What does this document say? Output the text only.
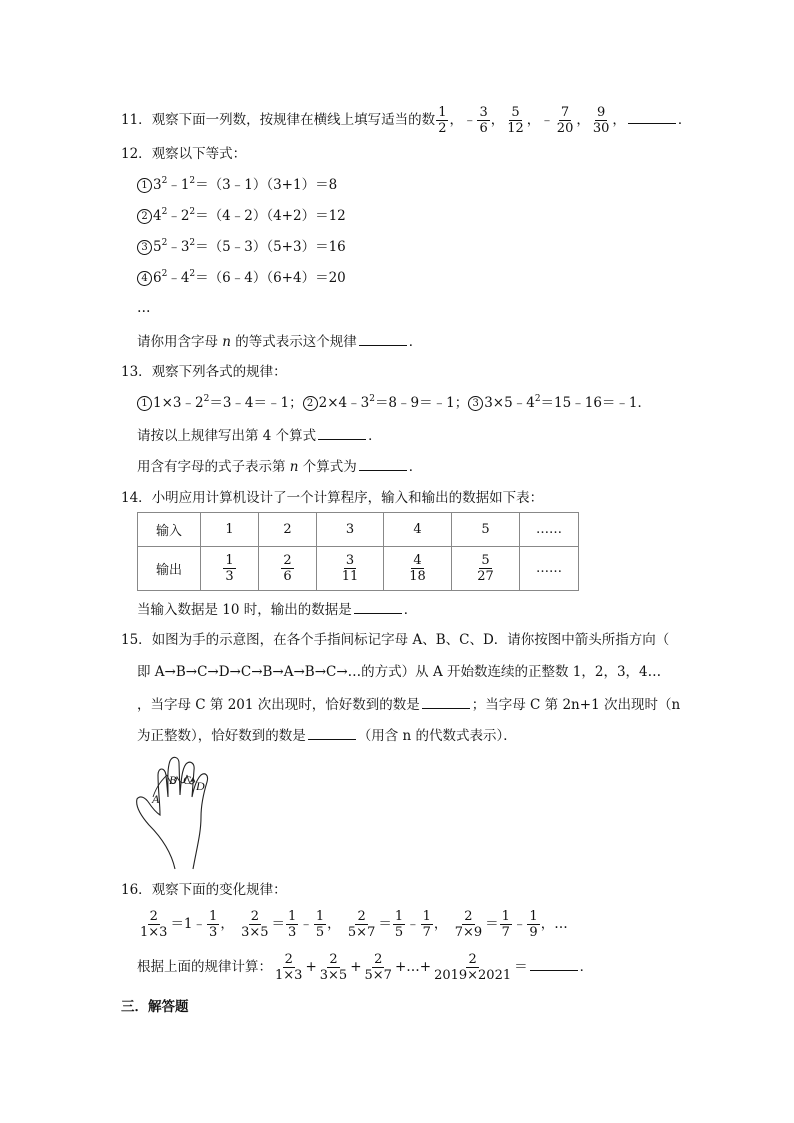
11．观察下面一列数，按规律在横线上填写适当的数 $\frac{1}{2}$ ，﹣ $\frac{3}{6}$ ， $\frac{5}{12}$ ，﹣ $\frac{7}{20}$ ， $\frac{9}{30}$ ，	．
12．观察以下等式：
1 $3^2﹣1^2=(3﹣1)(3+1)=8$
2 $4^2﹣2^2=(4﹣2)(4+2)=12$
3 $5^2﹣3^2=(5﹣3)(5+3)=16$
4 $6^2﹣4^2=(6﹣4)(6+4)=20$
…
请你用含字母 n 的等式表示这个规律	．
13．观察下列各式的规律：
1 $1\times 3﹣2^2=3﹣4=﹣1$； 2 $2\times 4﹣3^2=8﹣9=﹣1$； 3 $3\times 5﹣4^2=15﹣16=﹣1$．
请按以上规律写出第 4 个算式	．
用含有字母的式子表示第 n 个算式为	．
14．小明应用计算机设计了一个计算程序，输入和输出的数据如下表：
输入	1	2	3	4	5	……
输出	$\frac{1}{3}$	$\frac{2}{6}$	$\frac{3}{11}$	$\frac{4}{18}$	$\frac{5}{27}$	……
当输入数据是 10 时，输出的数据是	．
15．如图为手的示意图，在各个手指间标记字母 A、B、C、D．请你按图中箭头所指方向（
即 A→B→C→D→C→B→A→B→C→…的方式）从 A 开始数连续的正整数 1，2，3，4…
，当字母 C 第 201 次出现时，恰好数到的数是	；当字母 C 第 2n+1 次出现时（n
为正整数），恰好数到的数是	（用含 n 的代数式表示）．
A
B C D
16．观察下面的变化规律：
$\frac{2}{1\times 3}$ ＝1﹣ $\frac{1}{3}$ ， $\frac{2}{3\times 5} = \frac{1}{3}$ ﹣ $\frac{1}{5}$ ， $\frac{2}{5\times 7} = \frac{1}{5}$ ﹣ $\frac{1}{7}$ ， $\frac{2}{7\times 9} = \frac{1}{7}$ ﹣ $\frac{1}{9}$ ，…
根据上面的规律计算： $\frac{2}{1\times 3} + \frac{2}{3\times 5} + \frac{2}{5\times 7}$ +…+ $\frac{2}{2019\times 2021}$ ＝	．
三．解答题
